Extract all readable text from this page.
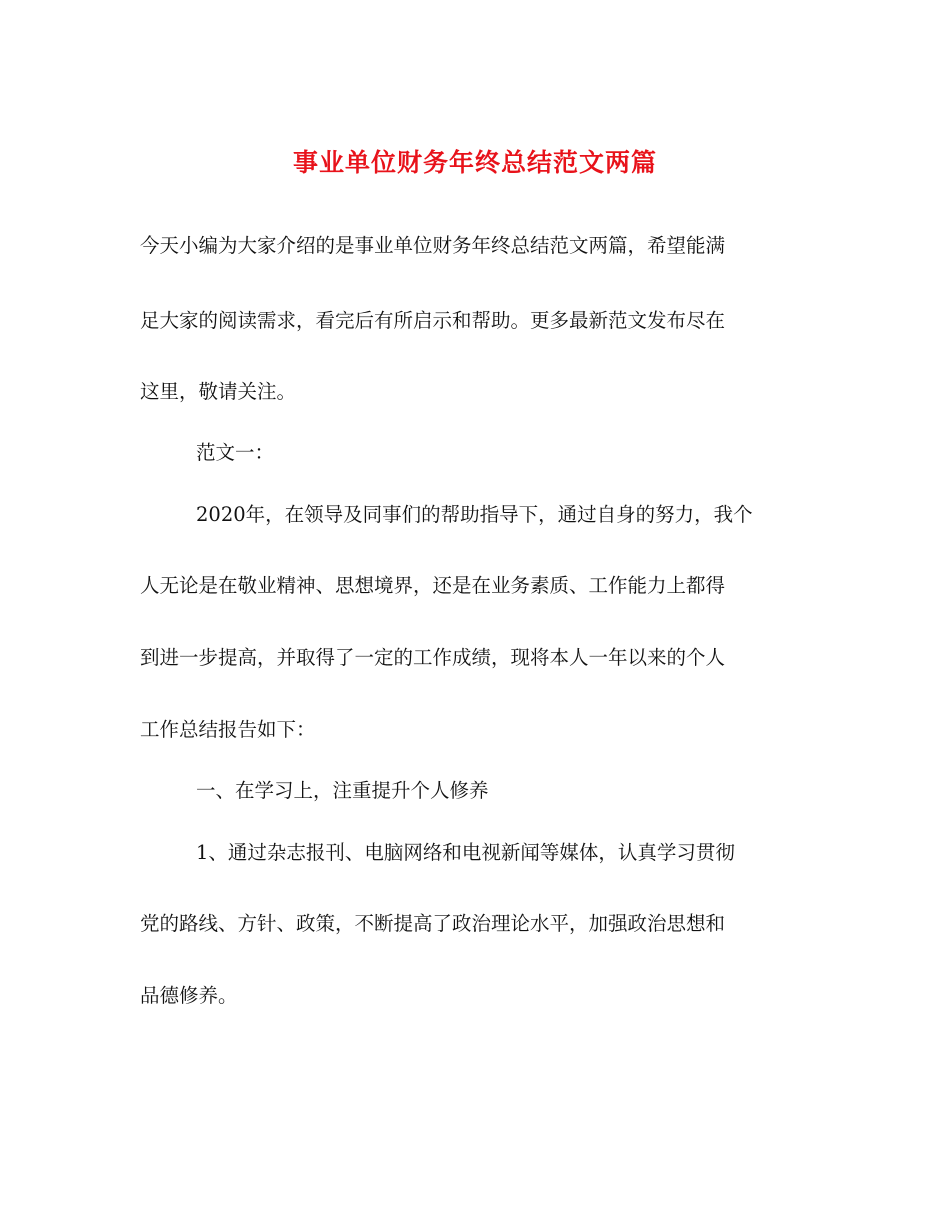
事业单位财务年终总结范文两篇
今天小编为大家介绍的是事业单位财务年终总结范文两篇，希望能满
足大家的阅读需求，看完后有所启示和帮助。更多最新范文发布尽在
这里，敬请关注。
范文一：
2020年，在领导及同事们的帮助指导下，通过自身的努力，我个
人无论是在敬业精神、思想境界，还是在业务素质、工作能力上都得
到进一步提高，并取得了一定的工作成绩，现将本人一年以来的个人
工作总结报告如下：
一、在学习上，注重提升个人修养
1、通过杂志报刊、电脑网络和电视新闻等媒体，认真学习贯彻
党的路线、方针、政策，不断提高了政治理论水平，加强政治思想和
品德修养。
